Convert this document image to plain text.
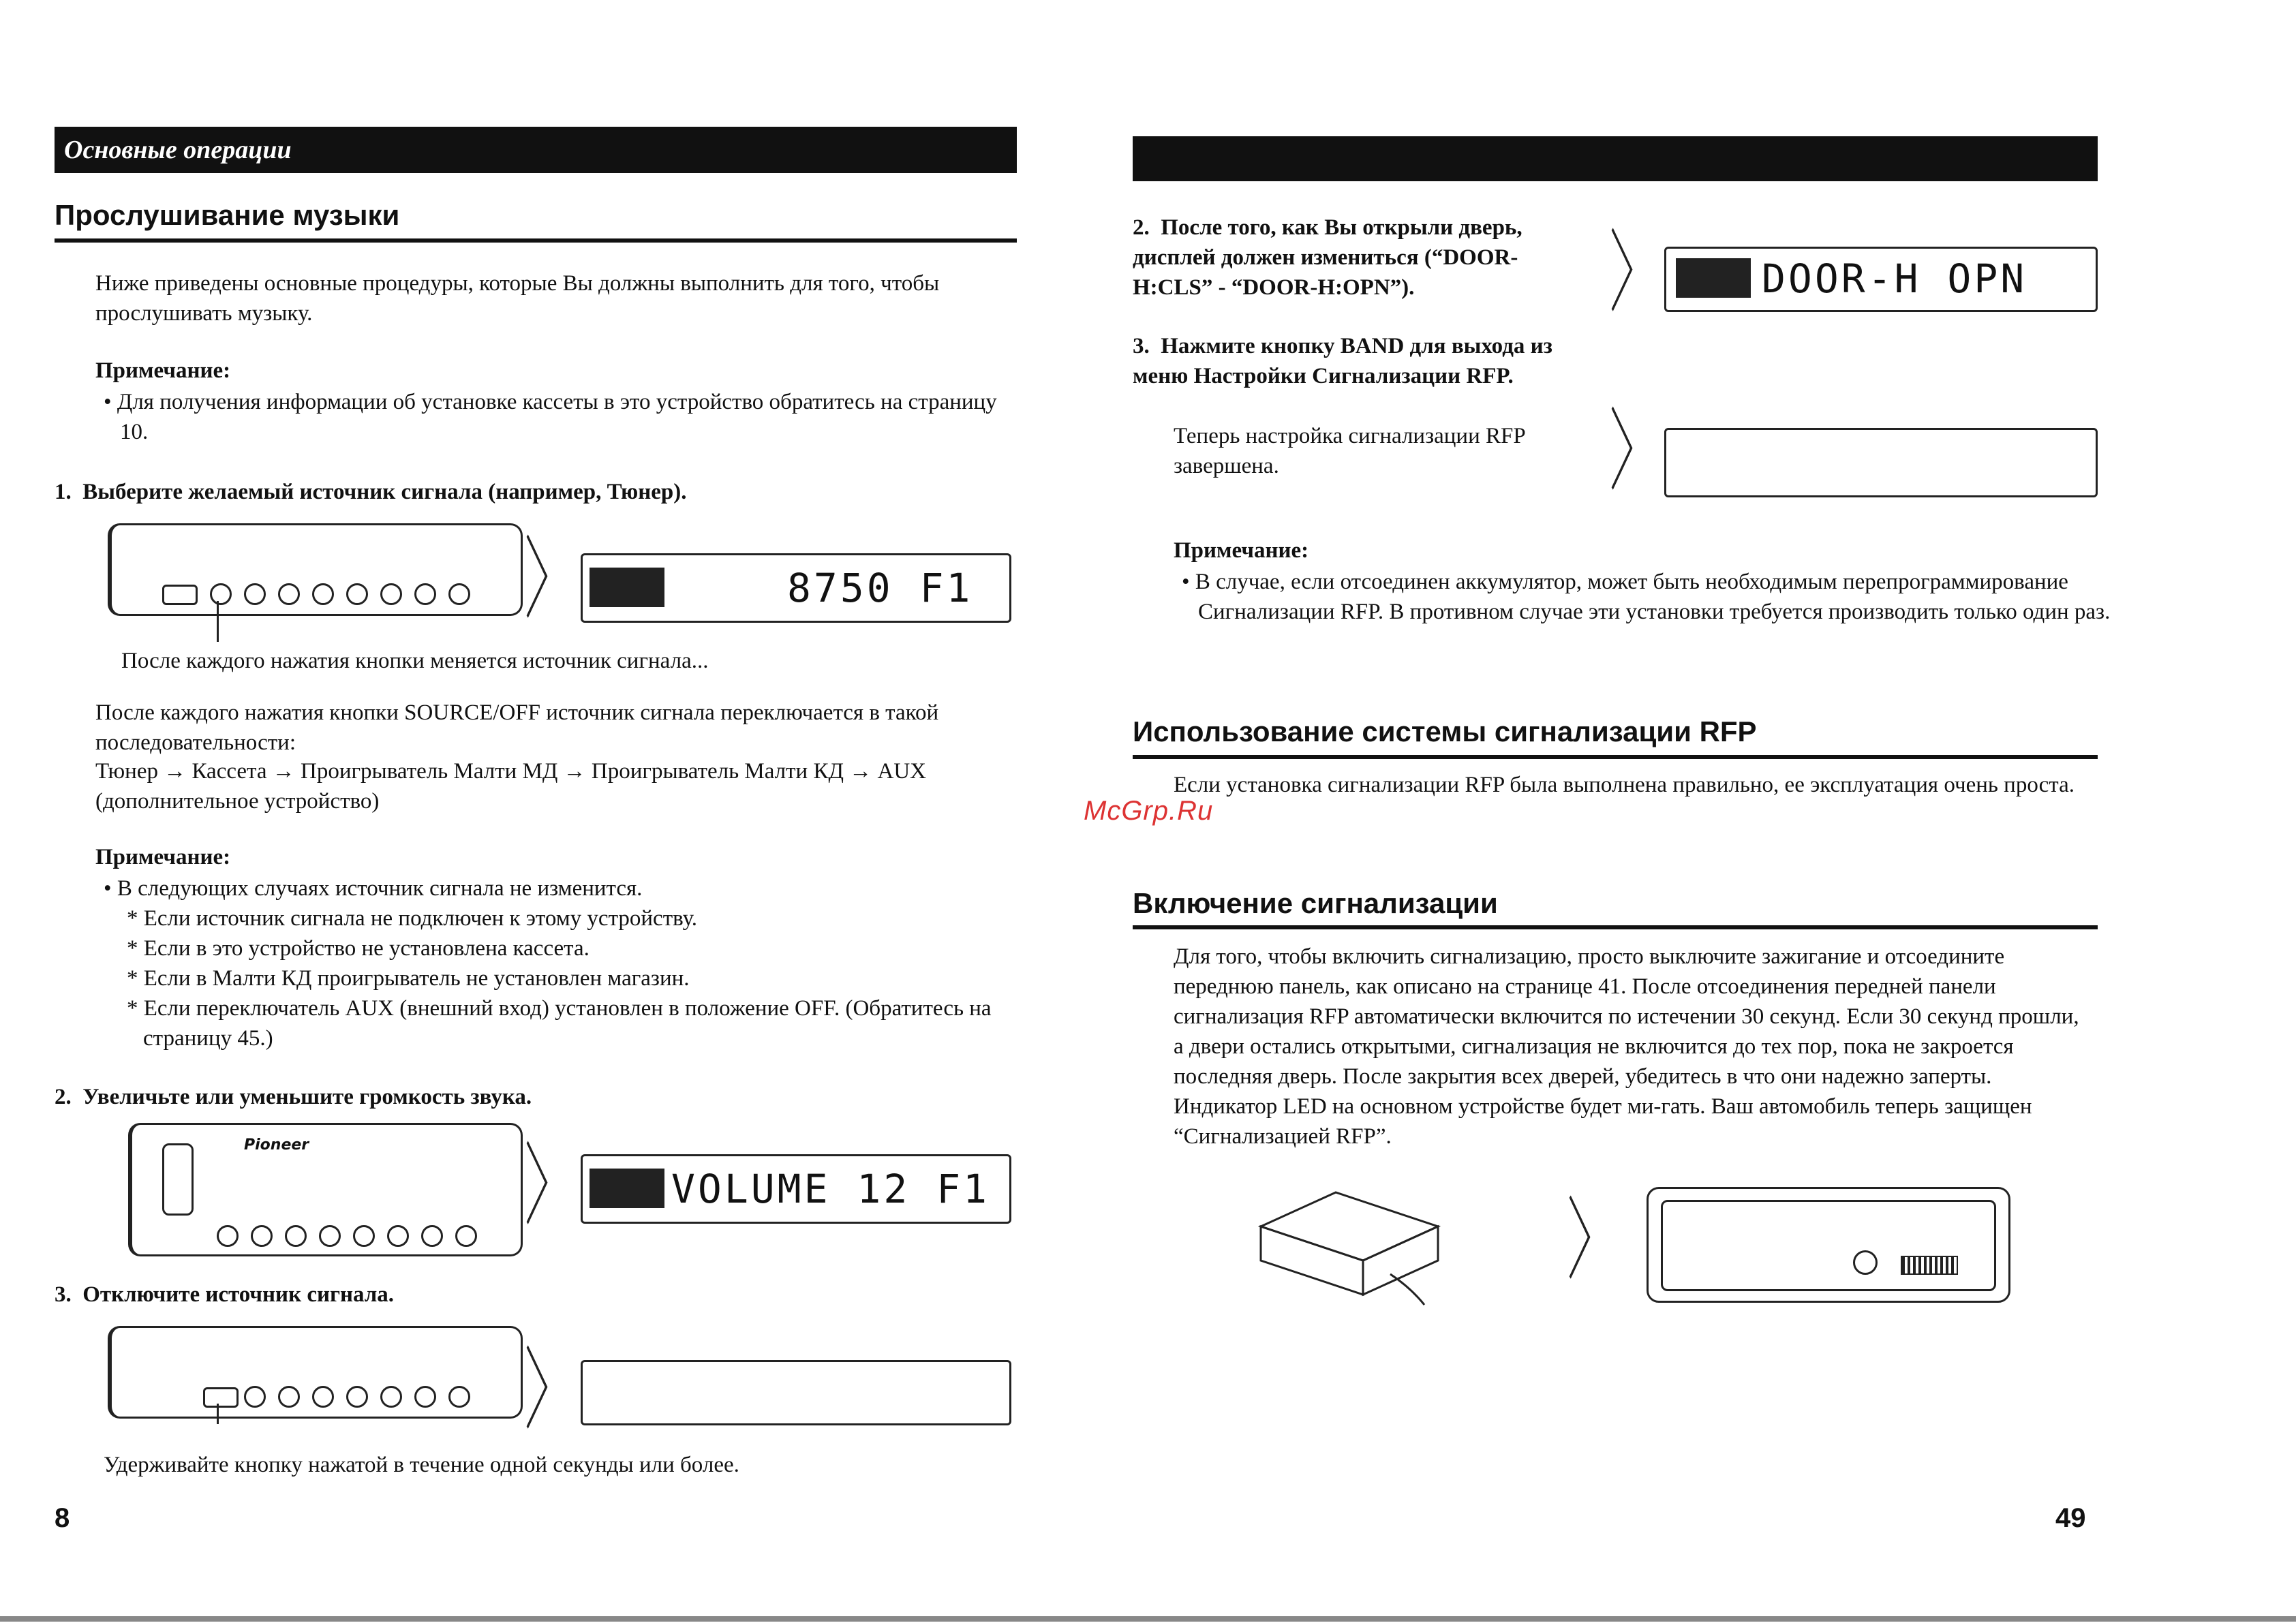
Основные операции
Прослушивание музыки
Ниже приведены основные процедуры, которые Вы должны выполнить для того, чтобы прослушивать музыку.
Примечание:
• Для получения информации об установке кассеты в это устройство обратитесь на страницу 10.
1. Выберите желаемый источник сигнала (например, Тюнер).
〉	8750 F1
После каждого нажатия кнопки меняется источник сигнала...
После каждого нажатия кнопки SOURCE/OFF источник сигнала переключается в такой последовательности:
Тюнер → Кассета → Проигрыватель Малти МД → Проигрыватель Малти КД → AUX (дополнительное устройство)
Примечание:
• В следующих случаях источник сигнала не изменится.
* Если источник сигнала не подключен к этому устройству.
* Если в это устройство не установлена кассета.
* Если в Малти КД проигрыватель не установлен магазин.
* Если переключатель AUX (внешний вход) установлен в положение OFF. (Обратитесь на страницу 45.)
2. Увеличьте или уменьшите громкость звука.
Pioneer 〉 VOLUME 12 F1
3. Отключите источник сигнала.
〉
Удерживайте кнопку нажатой в течение одной секунды или более.
8
2. После того, как Вы открыли дверь, дисплей должен измениться (“DOOR-H:CLS” - “DOOR-H:OPN”).	〉	DOOR-H OPN
3. Нажмите кнопку BAND для выхода из меню Настройки Сигнализации RFP.
Теперь настройка сигнализации RFP завершена.	〉
Примечание:
• В случае, если отсоединен аккумулятор, может быть необходимым перепрограммирование Сигнализации RFP. В противном случае эти установки требуется производить только один раз.
Использование системы сигнализации RFP
Если установка сигнализации RFP была выполнена правильно, ее эксплуатация очень проста.
McGrp.Ru
Включение сигнализации
Для того, чтобы включить сигнализацию, просто выключите зажигание и отсоедините переднюю панель, как описано на странице 41. После отсоединения передней панели сигнализация RFP автоматически включится по истечении 30 секунд. Если 30 секунд прошли, а двери остались открытыми, сигнализация не включится до тех пор, пока не закроется последняя дверь. После закрытия всех дверей, убедитесь в что они надежно заперты. Индикатор LED на основном устройстве будет ми-гать. Ваш автомобиль теперь защищен “Сигнализацией RFP”.
〉
49
